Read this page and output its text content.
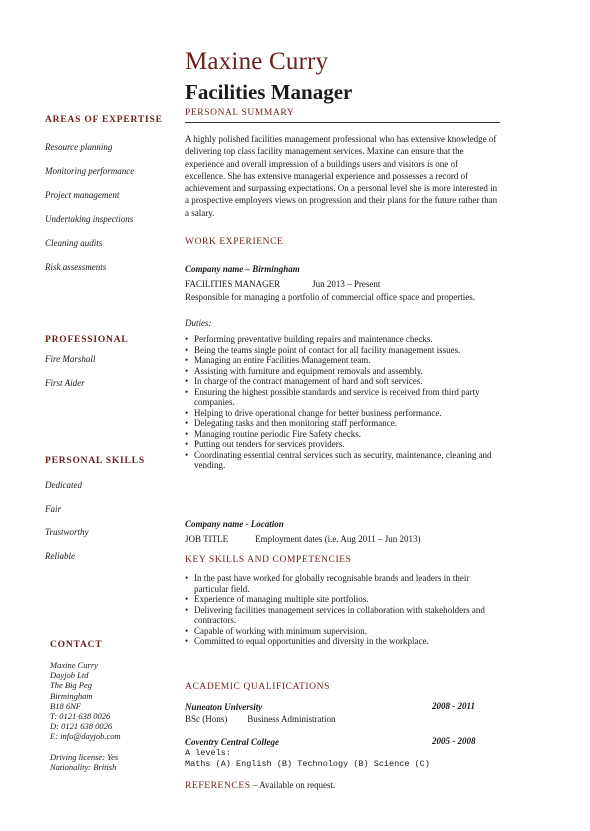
Maxine Curry
Facilities Manager
AREAS OF EXPERTISE
Resource planning
Monitoring performance
Project management
Undertaking inspections
Cleaning audits
Risk assessments
PROFESSIONAL
Fire Marshall
First Aider
PERSONAL SKILLS
Dedicated
Fair
Trustworthy
Reliable
CONTACT
Maxine Curry
Dayjob Ltd
The Big Peg
Birmingham
B18 6NF
T: 0121 638 0026
D: 0121 638 0026
E: info@dayjob.com
Driving license: Yes
Nationality: British
PERSONAL SUMMARY
A highly polished facilities management professional who has extensive knowledge of
delivering top class facility management services. Maxine can ensure that the
experience and overall impression of a buildings users and visitors is one of
excellence. She has extensive managerial experience and possesses a record of
achievement and surpassing expectations. On a personal level she is more interested in
a prospective employers views on progression and their plans for the future rather than
a salary.
WORK EXPERIENCE
Company name – Birmingham
FACILITIES MANAGER	Jun 2013 – Present
Responsible for managing a portfolio of commercial office space and properties.
Duties:
• Performing preventative building repairs and maintenance checks.
• Being the teams single point of contact for all facility management issues.
• Managing an entire Facilities Management team.
• Assisting with furniture and equipment removals and assembly.
• In charge of the contract management of hard and soft services.
• Ensuring the highest possible standards and service is received from third party companies.
• Helping to drive operational change for better business performance.
• Delegating tasks and then monitoring staff performance.
• Managing routine periodic Fire Safety checks.
• Putting out tenders for services providers.
• Coordinating essential central services such as security, maintenance, cleaning and vending.
Company name - Location
JOB TITLE	Employment dates (i.e. Aug 2011 – Jun 2013)
KEY SKILLS AND COMPETENCIES
• In the past have worked for globally recognisable brands and leaders in their particular field.
• Experience of managing multiple site portfolios.
• Delivering facilities management services in collaboration with stakeholders and contractors.
• Capable of working with minimum supervision.
• Committed to equal opportunities and diversity in the workplace.
ACADEMIC QUALIFICATIONS
Nuneaton University	2008 - 2011
BSc (Hons) Business Administration
Coventry Central College	2005 - 2008
A levels:
Maths (A) English (B) Technology (B) Science (C)
REFERENCES – Available on request.
